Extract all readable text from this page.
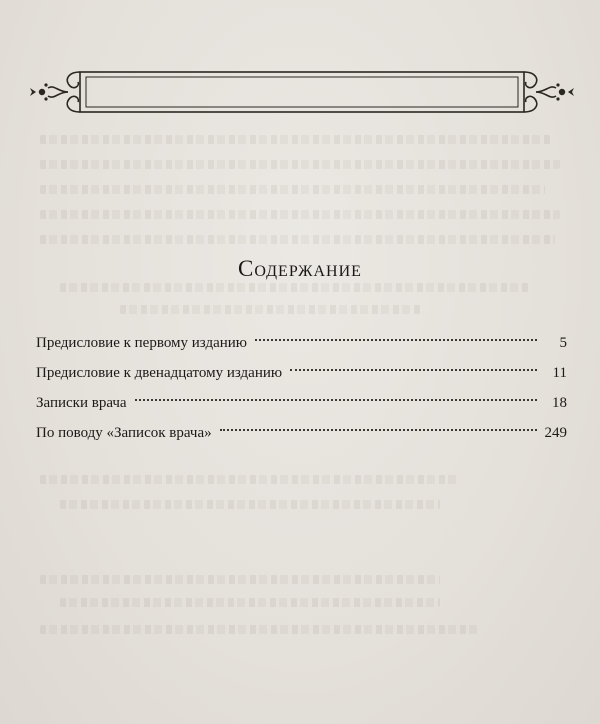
Содержание
Предисловие к первому изданию	5
Предисловие к двенадцатому изданию	11
Записки врача	18
По поводу «Записок врача»	249
